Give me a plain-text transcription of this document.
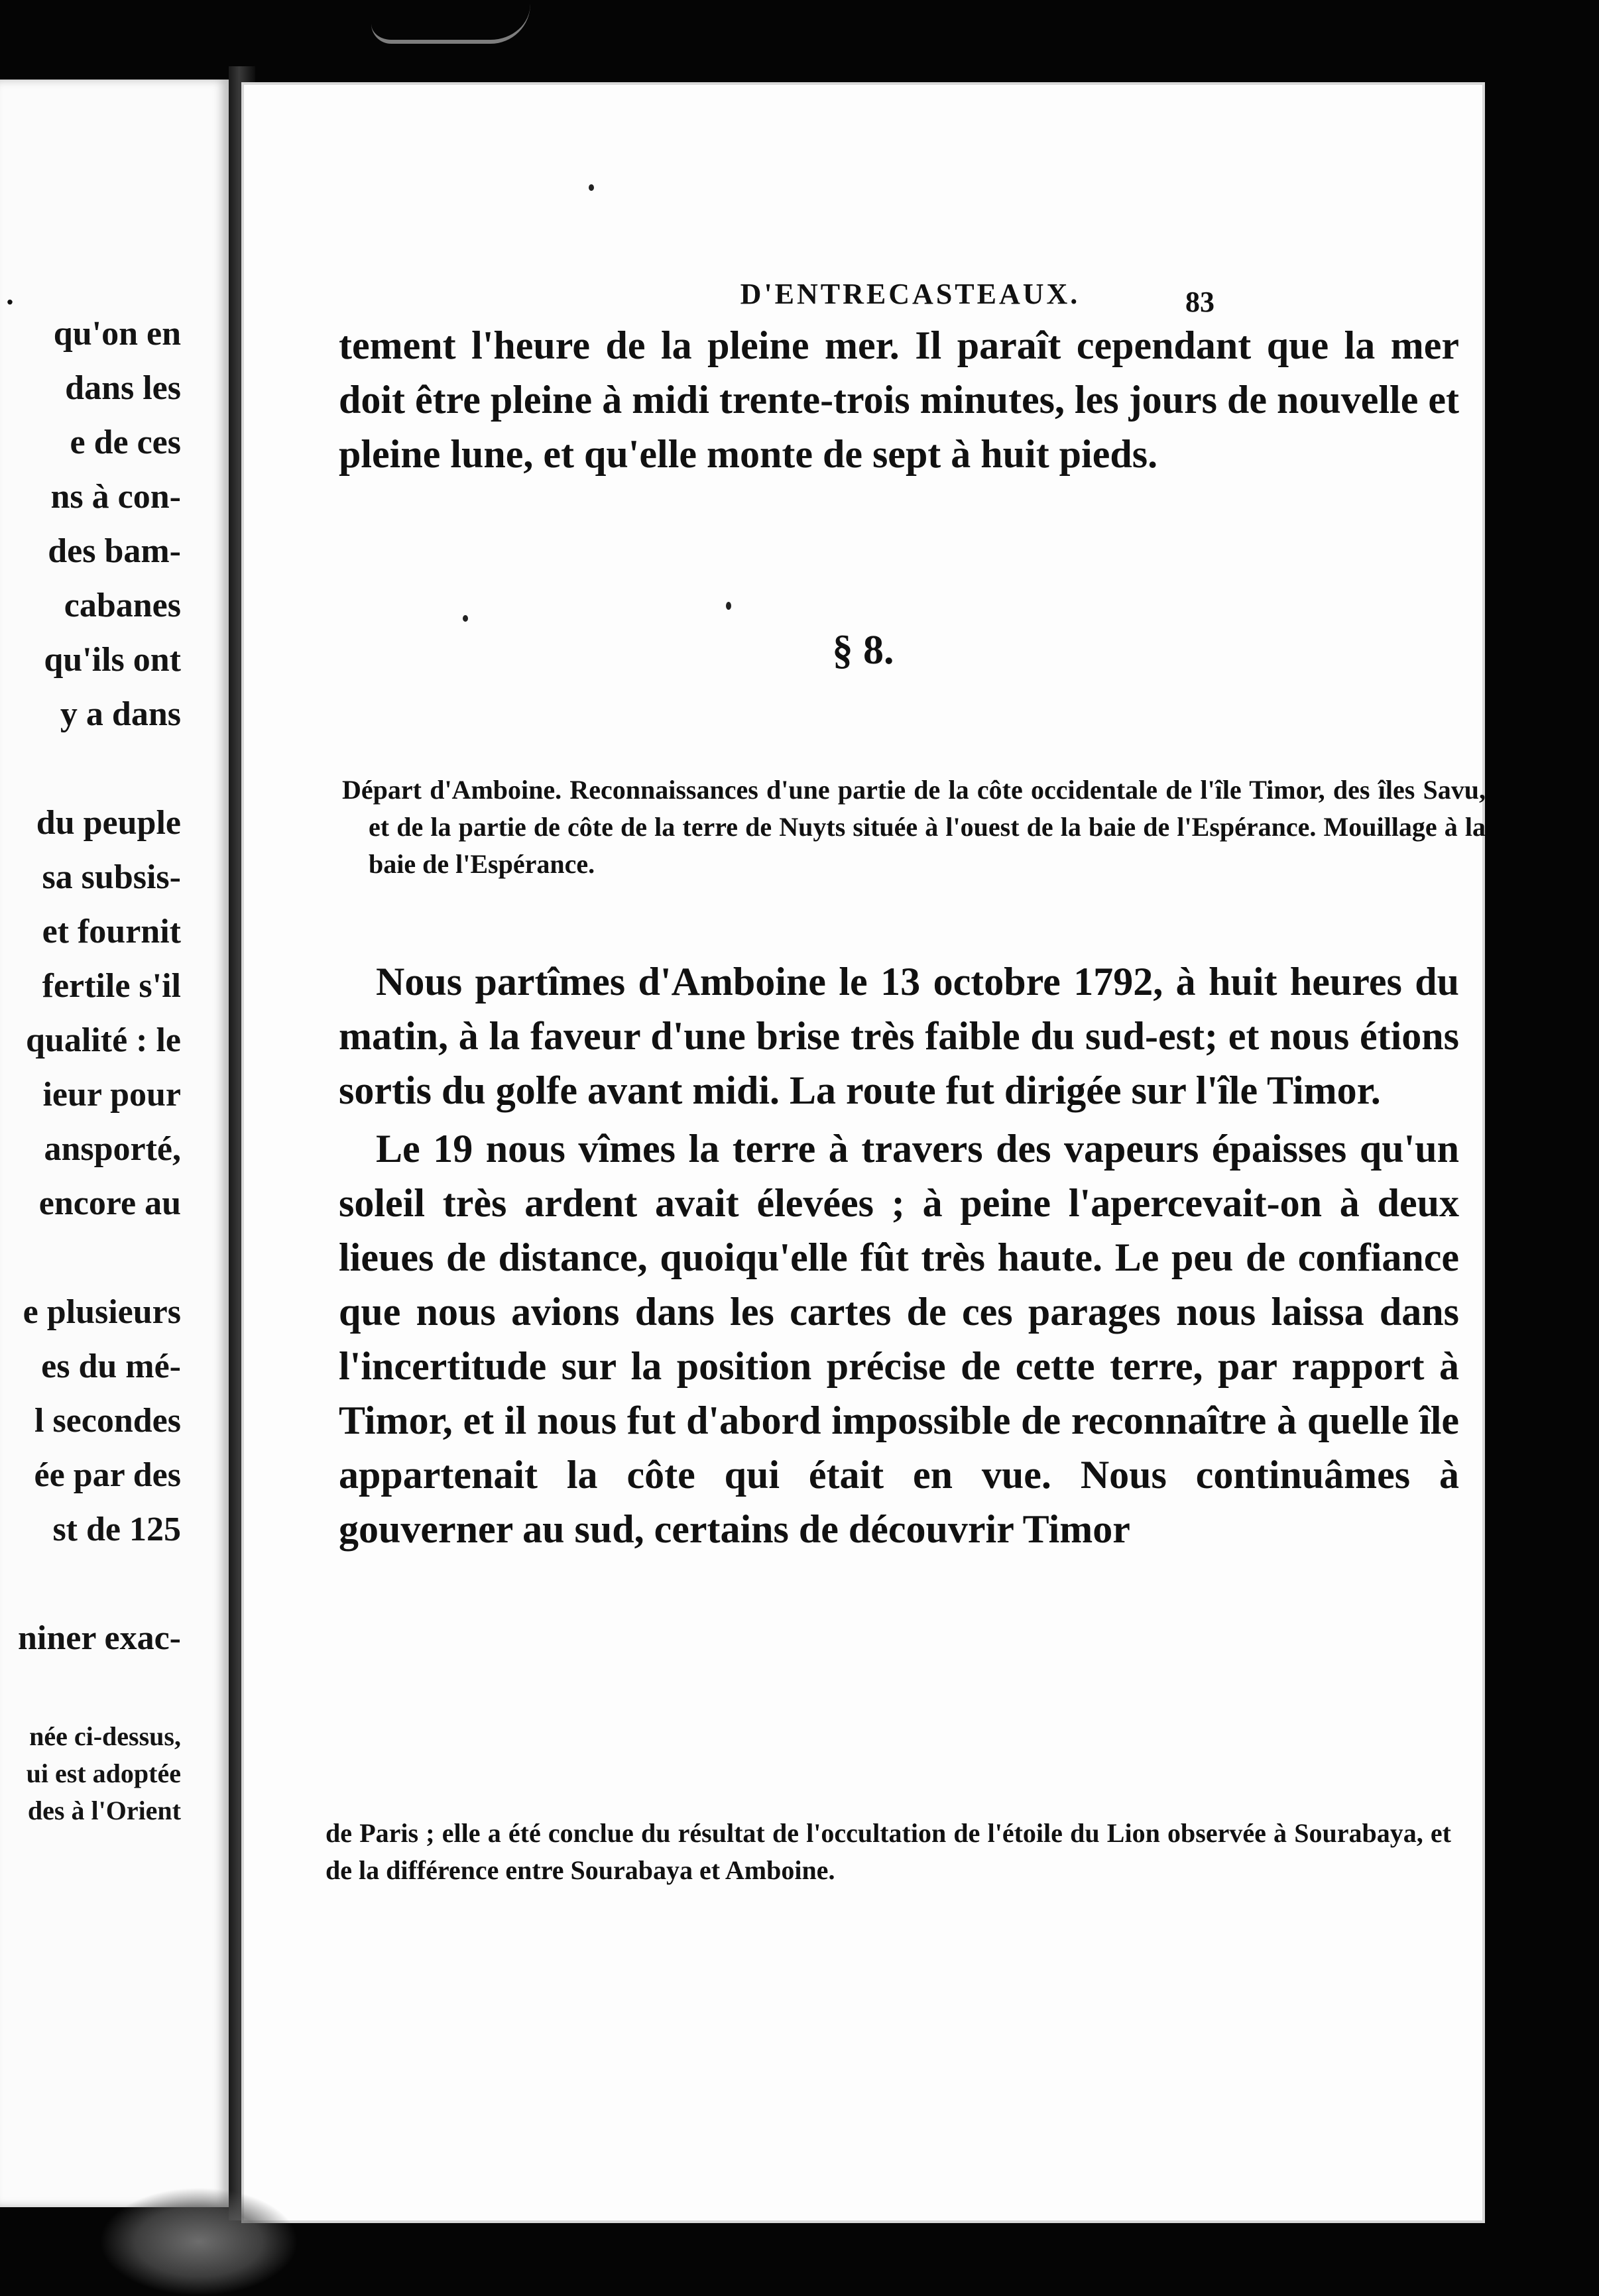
.
qu'on en
dans les
e de ces
ns à con-
des bam-
cabanes
qu'ils ont
y a dans
du peuple
sa subsis-
et fournit
fertile s'il
qualité : le
ieur pour
ansporté,
encore au
e plusieurs
es du mé-
l secondes
ée par des
st de 125
niner exac-
née ci-dessus,
ui est adoptée
des à l'Orient
D'ENTRECASTEAUX.	83

tement l'heure de la pleine mer. Il paraît cependant que la mer doit être pleine à midi trente-trois minutes, les jours de nouvelle et pleine lune, et qu'elle monte de sept à huit pieds.

§ 8.
Départ d'Amboine. Reconnaissances d'une partie de la côte occidentale de l'île Timor, des îles Savu, et de la partie de côte de la terre de Nuyts située à l'ouest de la baie de l'Espérance. Mouillage à la baie de l'Espérance.

Nous partîmes d'Amboine le 13 octobre 1792, à huit heures du matin, à la faveur d'une brise très faible du sud-est; et nous étions sortis du golfe avant midi. La route fut dirigée sur l'île Timor.

Le 19 nous vîmes la terre à travers des vapeurs épaisses qu'un soleil très ardent avait élevées ; à peine l'apercevait-on à deux lieues de distance, quoiqu'elle fût très haute. Le peu de confiance que nous avions dans les cartes de ces parages nous laissa dans l'incertitude sur la position précise de cette terre, par rapport à Timor, et il nous fut d'abord impossible de reconnaître à quelle île appartenait la côte qui était en vue. Nous continuâmes à gouverner au sud, certains de découvrir Timor

de Paris ; elle a été conclue du résultat de l'occultation de l'étoile du Lion observée à Sourabaya, et de la différence entre Sourabaya et Amboine.
